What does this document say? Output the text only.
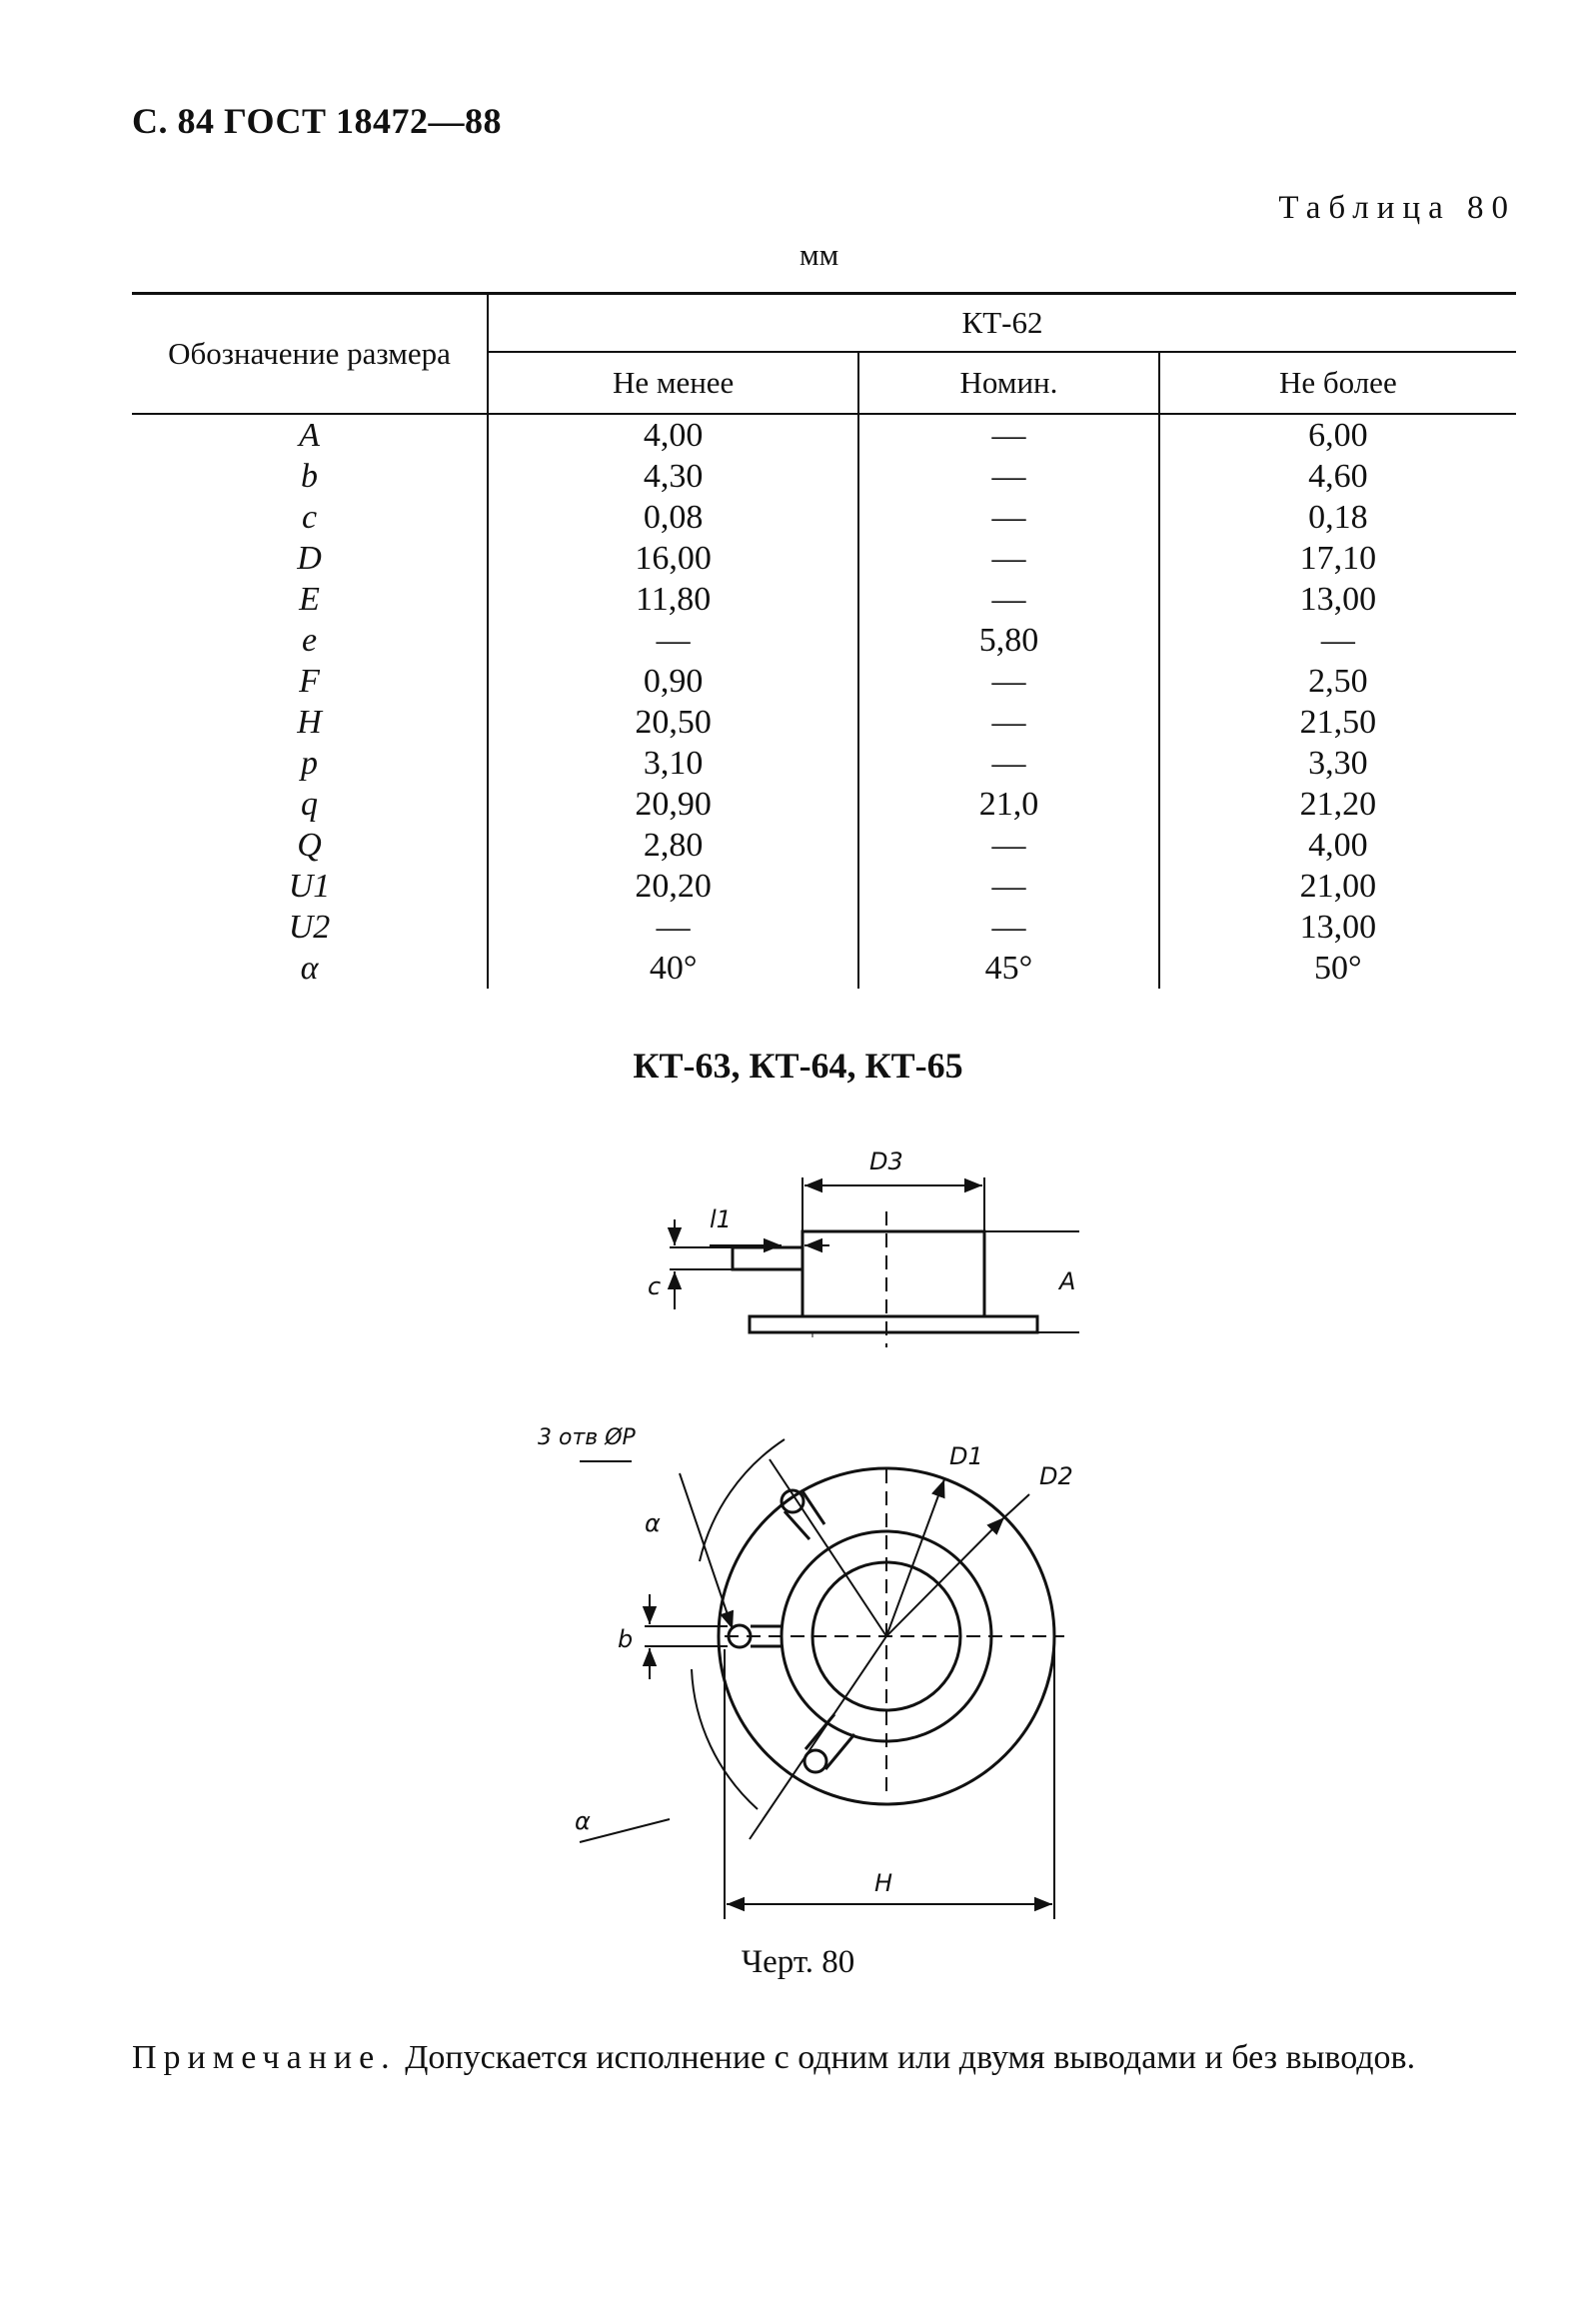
С. 84 ГОСТ 18472—88
Таблица 80
мм
Обозначение размера	КТ-62		
	Не менее	Номин.	Не более
A	4,00	—	6,00
b	4,30	—	4,60
c	0,08	—	0,18
D	16,00	—	17,10
E	11,80	—	13,00
e	—	5,80	—
F	0,90	—	2,50
H	20,50	—	21,50
p	3,10	—	3,30
q	20,90	21,0	21,20
Q	2,80	—	4,00
U1	20,20	—	21,00
U2	—	—	13,00
α	40°	45°	50°
КТ-63, КТ-64, КТ-65
D3
l1
A
c
3 отв ØP
D1
D2
α
α
b
H
Черт. 80
Примечание. Допускается исполнение с одним или двумя выводами и без выводов.
